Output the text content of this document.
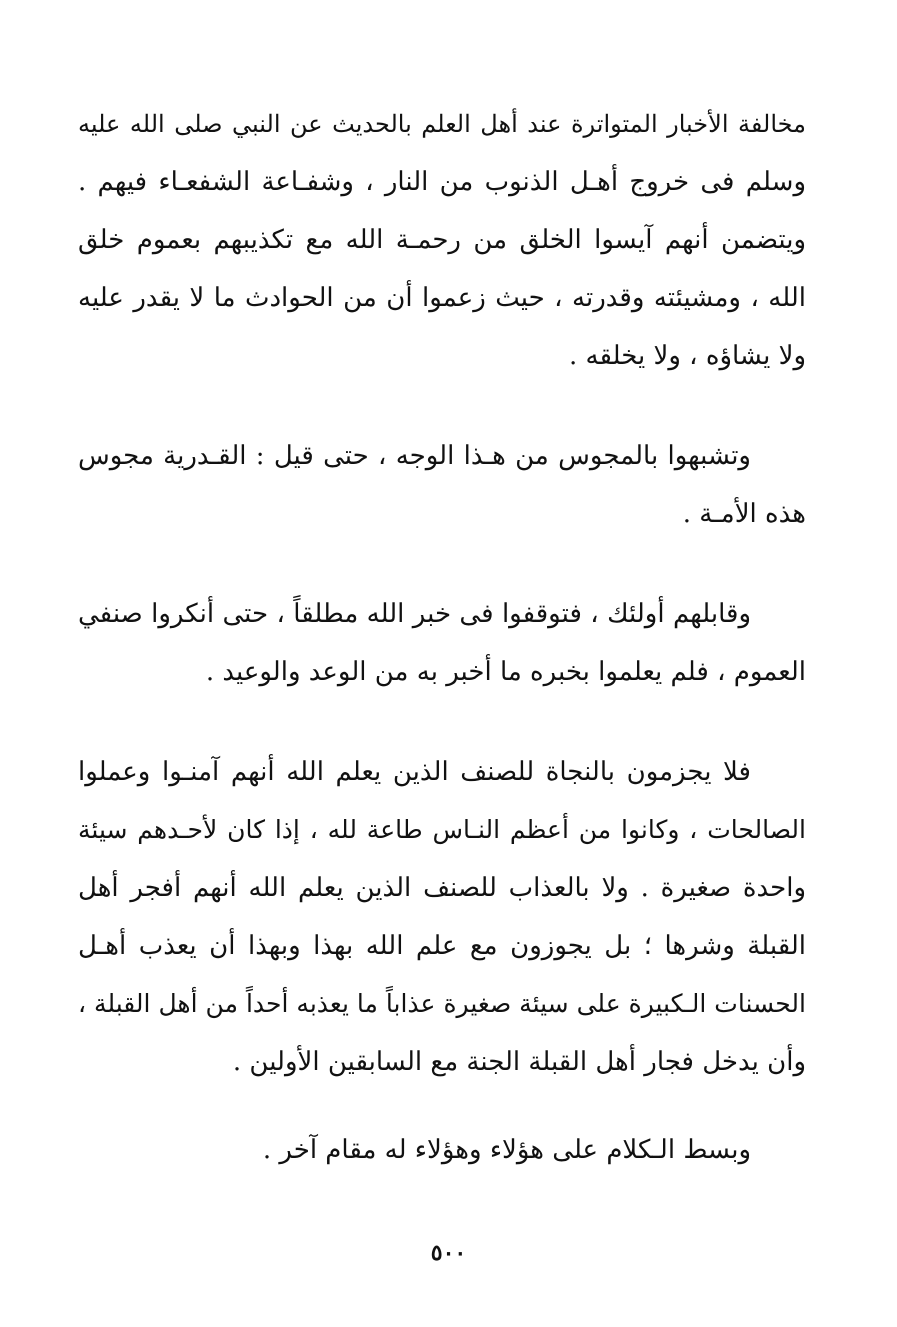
مخالفة الأخبار المتواترة عند أهل العلم بالحديث عن النبي صلى الله عليه
وسلم فى خروج أهـل الذنوب من النار ، وشفـاعة الشفعـاء فيهم .
ويتضمن أنهم آيسوا الخلق من رحمـة الله مع تكذيبهم بعموم خلق
الله ، ومشيئته وقدرته ، حيث زعموا أن من الحوادث ما لا يقدر عليه
ولا يشاؤه ، ولا يخلقه .
وتشبهوا بالمجوس من هـذا الوجه ، حتى قيل : القـدرية مجوس
هذه الأمـة .
وقابلهم أولئك ، فتوقفوا فى خبر الله مطلقاً ، حتى أنكروا صنفي
العموم ، فلم يعلموا بخبره ما أخبر به من الوعد والوعيد .
فلا يجزمون بالنجاة للصنف الذين يعلم الله أنهم آمنـوا وعملوا
الصالحات ، وكانوا من أعظم النـاس طاعة لله ، إذا كان لأحـدهم سيئة
واحدة صغيرة . ولا بالعذاب للصنف الذين يعلم الله أنهم أفجر أهل
القبلة وشرها ؛ بل يجوزون مع علم الله بهذا وبهذا أن يعذب أهـل
الحسنات الـكبيرة على سيئة صغيرة عذاباً ما يعذبه أحداً من أهل القبلة ،
وأن يدخل فجار أهل القبلة الجنة مع السابقين الأولين .
وبسط الـكلام على هؤلاء وهؤلاء له مقام آخر .
٥٠٠
